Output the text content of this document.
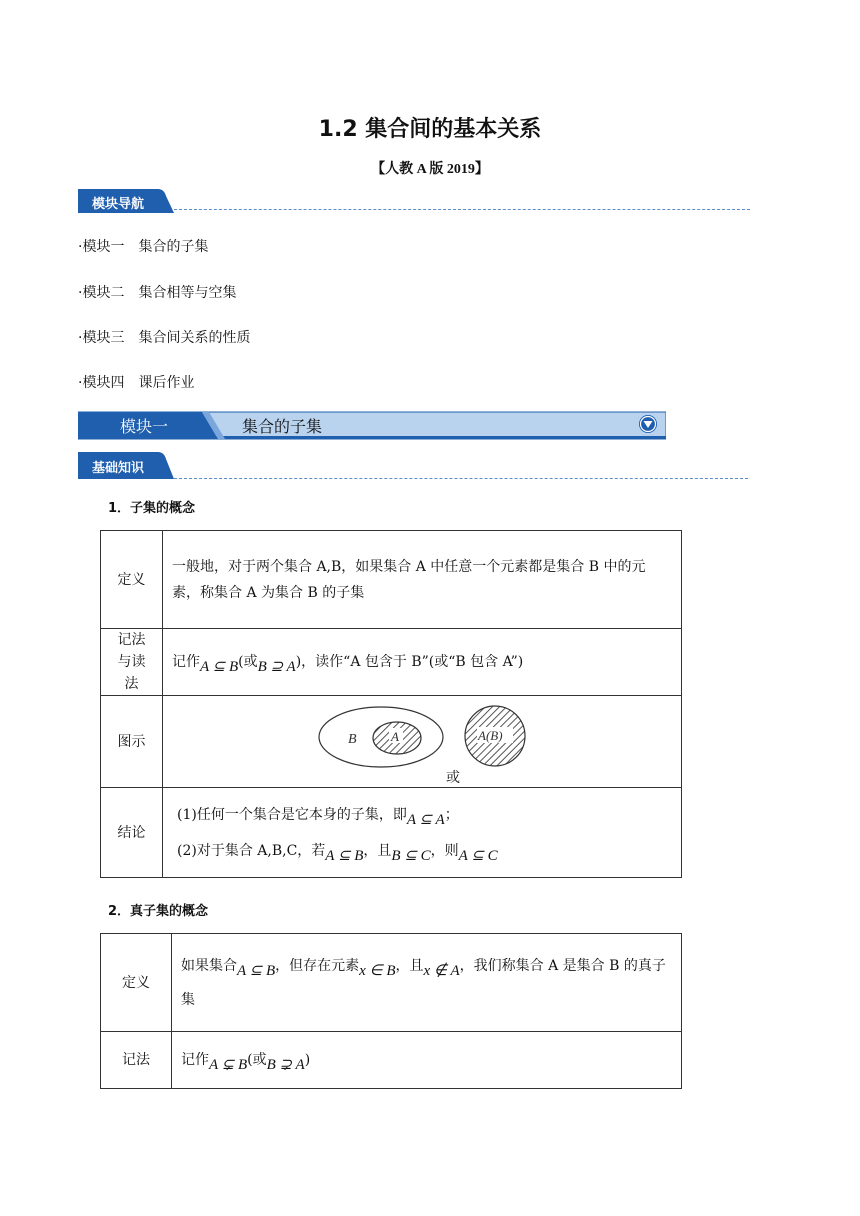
1.2 集合间的基本关系
【人教 A 版 2019】
模块导航
·模块一 集合的子集
·模块二 集合相等与空集
·模块三 集合间关系的性质
·模块四 课后作业
模块一	集合的子集
基础知识
1．子集的概念
定义	一般地，对于两个集合 A,B，如果集合 A 中任意一个元素都是集合 B 中的元素，称集合 A 为集合 B 的子集
记法与读法	记作A ⊆ B(或B ⊇ A)，读作“A 包含于 B”(或“B 包含 A”)
图示	B A
或
A(B)

结论	(1)任何一个集合是它本身的子集，即A ⊆ A；
(2)对于集合 A,B,C，若A ⊆ B，且B ⊆ C，则A ⊆ C
2．真子集的概念
定义	如果集合A ⊆ B，但存在元素x ∈ B，且x ∉ A，我们称集合 A 是集合 B 的真子集
记法	记作A ⊊ B(或B ⊋ A)
